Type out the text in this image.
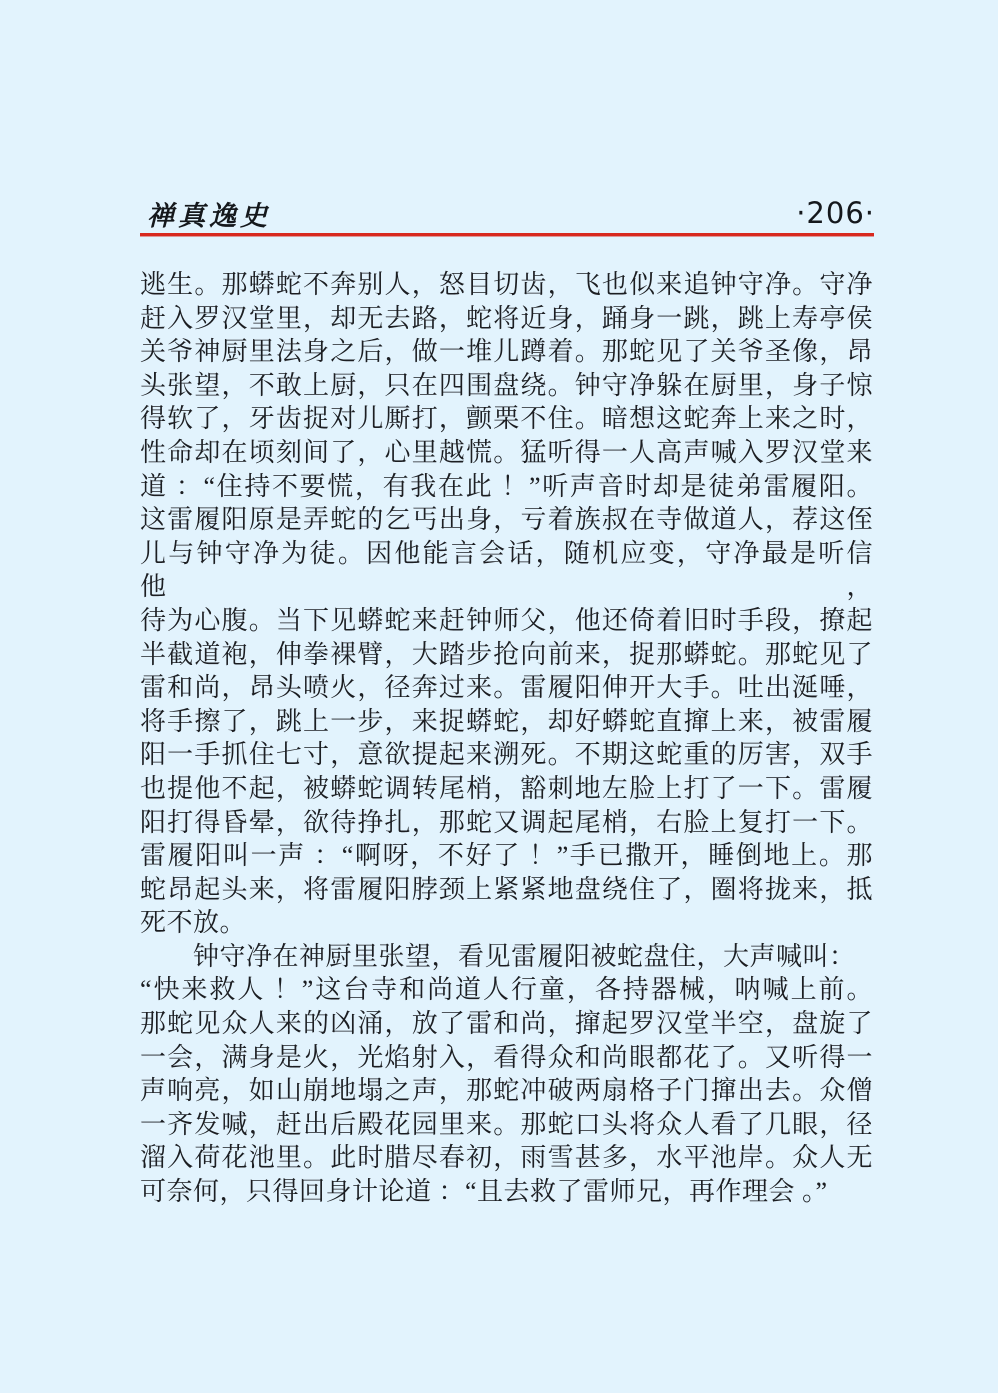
禅真逸史	·206·
逃生。那蟒蛇不奔别人，怒目切齿，飞也似来追钟守净。守净
赶入罗汉堂里，却无去路，蛇将近身，踊身一跳，跳上寿亭侯
关爷神厨里法身之后，做一堆儿蹲着。那蛇见了关爷圣像，昂
头张望，不敢上厨，只在四围盘绕。钟守净躲在厨里，身子惊
得软了，牙齿捉对儿厮打，颤栗不住。暗想这蛇奔上来之时，
性命却在顷刻间了，心里越慌。猛听得一人高声喊入罗汉堂来
道 ：“住持不要慌，有我在此 ！”听声音时却是徒弟雷履阳。
这雷履阳原是弄蛇的乞丐出身，亏着族叔在寺做道人，荐这侄
儿与钟守净为徒。因他能言会话，随机应变，守净最是听信他，
待为心腹。当下见蟒蛇来赶钟师父，他还倚着旧时手段，撩起
半截道袍，伸拳裸臂，大踏步抢向前来，捉那蟒蛇。那蛇见了
雷和尚，昂头喷火，径奔过来。雷履阳伸开大手。吐出涎唾，
将手擦了，跳上一步，来捉蟒蛇，却好蟒蛇直撺上来，被雷履
阳一手抓住七寸，意欲提起来溯死。不期这蛇重的厉害，双手
也提他不起，被蟒蛇调转尾梢，豁刺地左脸上打了一下。雷履
阳打得昏晕，欲待挣扎，那蛇又调起尾梢，右脸上复打一下。
雷履阳叫一声 ：“啊呀，不好了 ！”手已撒开，睡倒地上。那
蛇昂起头来，将雷履阳脖颈上紧紧地盘绕住了，圈将拢来，抵
死不放。
钟守净在神厨里张望，看见雷履阳被蛇盘住，大声喊叫：
“快来救人 ！”这台寺和尚道人行童，各持器械，呐喊上前。
那蛇见众人来的凶涌，放了雷和尚，撺起罗汉堂半空，盘旋了
一会，满身是火，光焰射入，看得众和尚眼都花了。又听得一
声响亮，如山崩地塌之声，那蛇冲破两扇格子门撺出去。众僧
一齐发喊，赶出后殿花园里来。那蛇口头将众人看了几眼，径
溜入荷花池里。此时腊尽春初，雨雪甚多，水平池岸。众人无
可奈何，只得回身计论道 ：“且去救了雷师兄，再作理会 。”
